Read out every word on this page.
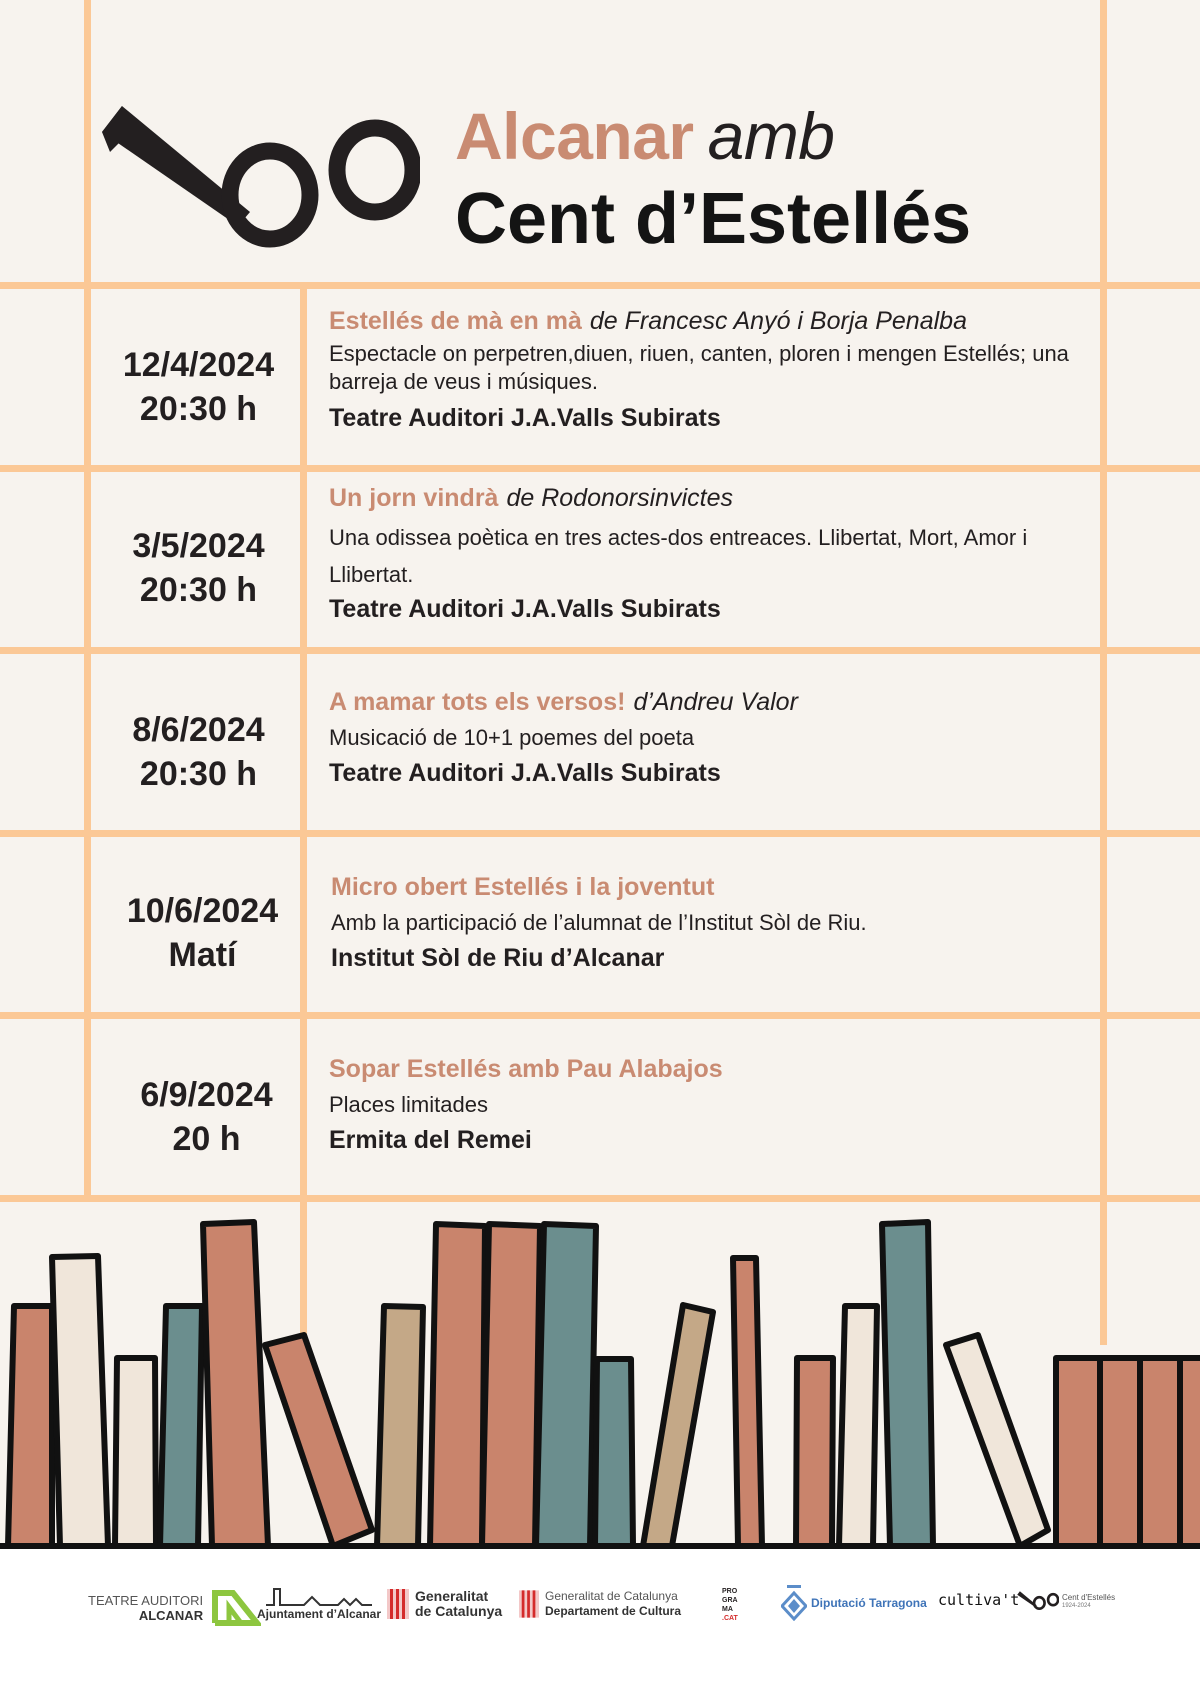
Alcanar amb
Cent d’Estellés
12/4/2024
20:30 h
Estellés de mà en mà de Francesc Anyó i Borja Penalba
Espectacle on perpetren,diuen, riuen, canten, ploren i mengen Estellés; una barreja de veus i músiques.
Teatre Auditori J.A.Valls Subirats
3/5/2024
20:30 h
Un jorn vindrà de Rodonorsinvictes
Una odissea poètica en tres actes-dos entreaces. Llibertat, Mort, Amor i Llibertat.
Teatre Auditori J.A.Valls Subirats
8/6/2024
20:30 h
A mamar tots els versos! d’Andreu Valor
Musicació de 10+1 poemes del poeta
Teatre Auditori J.A.Valls Subirats
10/6/2024
Matí
Micro obert Estellés i la joventut
Amb la participació de l’alumnat de l’Institut Sòl de Riu.
Institut Sòl de Riu d’Alcanar
6/9/2024
20 h
Sopar Estellés amb Pau Alabajos
Places limitades
Ermita del Remei
TEATRE AUDITORI
ALCANAR	Ajuntament d’Alcanar
Generalitat
de Catalunya
Generalitat de Catalunya
Departament de Cultura
PRO
GRA
MA
.CAT
Diputació Tarragona cultiva't	Cent d'Estellés
1924-2024
